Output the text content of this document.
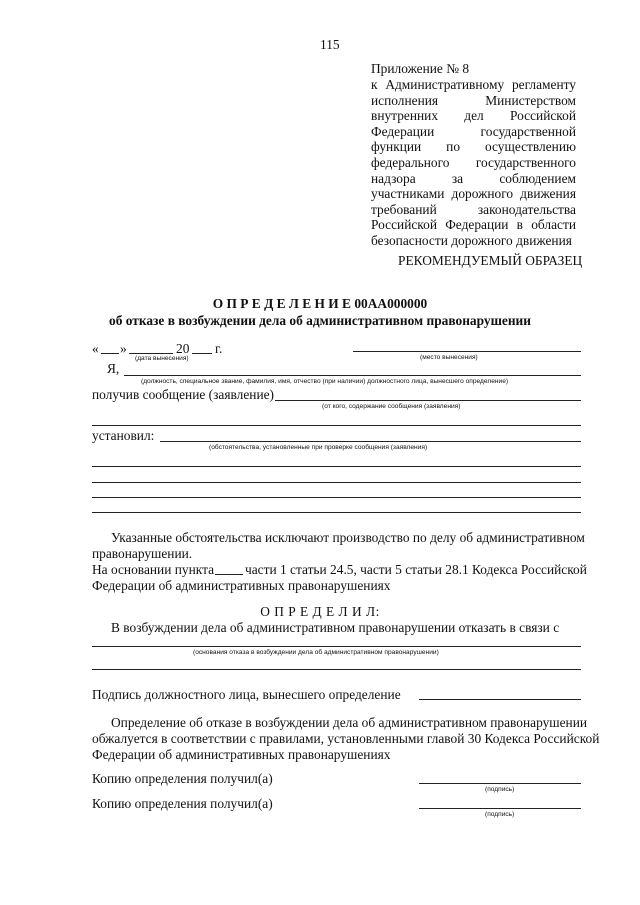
115
Приложение № 8
к Административному регламенту
исполнения Министерством
внутренних дел Российской
Федерации государственной
функции по осуществлению
федерального государственного
надзора за соблюдением
участниками дорожного движения
требований законодательства
Российской Федерации в области
безопасности дорожного движения
РЕКОМЕНДУЕМЫЙ ОБРАЗЕЦ
О П Р Е Д Е Л Е Н И Е 00АА000000
об отказе в возбуждении дела об административном правонарушении
« »	20 г.
(дата вынесения)	(место вынесения)
Я,
(должность, специальное звание, фамилия, имя, отчество (при наличии) должностного лица, вынесшего определение)
получив сообщение (заявление)
(от кого, содержание сообщения (заявления)
установил:
(обстоятельства, установленные при проверке сообщения (заявления)
Указанные обстоятельства исключают производство по делу об административном
правонарушении.
На основании пункта части 1 статьи 24.5, части 5 статьи 28.1 Кодекса Российской
Федерации об административных правонарушениях
О П Р Е Д Е Л И Л:
В возбуждении дела об административном правонарушении отказать в связи с
(основания отказа в возбуждении дела об административном правонарушении)
Подпись должностного лица, вынесшего определение
Определение об отказе в возбуждении дела об административном правонарушении
обжалуется в соответствии с правилами, установленными главой 30 Кодекса Российской
Федерации об административных правонарушениях
Копию определения получил(а)
(подпись)
Копию определения получил(а)
(подпись)
